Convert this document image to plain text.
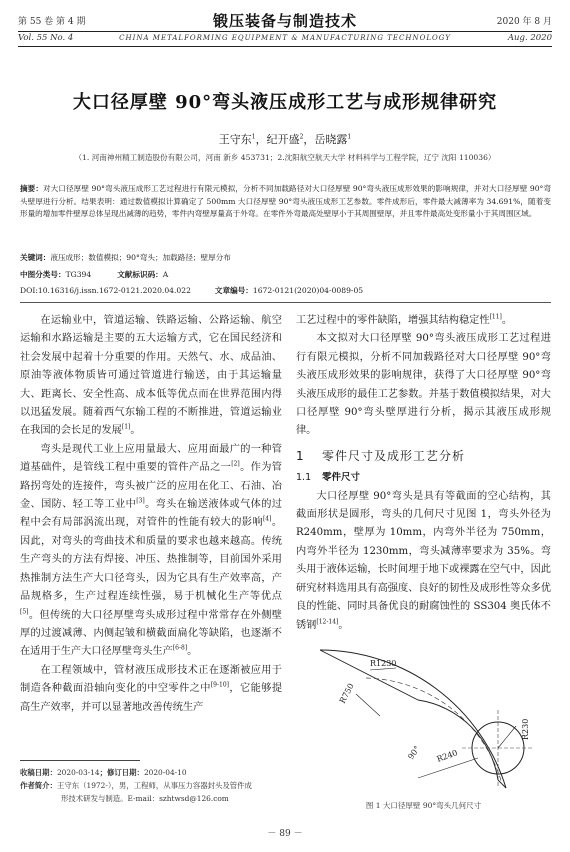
第 55 卷 第 4 期	锻压装备与制造技术	2020 年 8 月
Vol. 55 No. 4	CHINA METALFORMING EQUIPMENT & MANUFACTURING TECHNOLOGY	Aug. 2020
大口径厚壁 90°弯头液压成形工艺与成形规律研究
王守东$^1$，纪开盛$^2$，岳晓露$^1$
（1. 河南神州精工制造股份有限公司，河南 新乡 453731；2.沈阳航空航天大学 材料科学与工程学院，辽宁 沈阳 110036）
摘要：对大口径厚壁 90°弯头液压成形工艺过程进行有限元模拟，分析不同加载路径对大口径厚壁 90°弯头液压成形效果的影响规律，并对大口径厚壁 90°弯头壁厚进行分析。结果表明：通过数值模拟计算确定了 500mm 大口径厚壁 90°弯头液压成形工艺参数。零件成形后，零件最大减薄率为 34.691%，随着变形量的增加零件壁厚总体呈现出减薄的趋势，零件内弯壁厚量高于外弯。在零件外弯最高处壁厚小于其周围壁厚，并且零件最高处变形量小于其周围区域。
关键词：液压成形；数值模拟；90°弯头；加载路径；壁厚分布
中图分类号：TG394	文献标识码：A
DOI:10.16316/j.issn.1672-0121.2020.04.022	文章编号：1672-0121(2020)04-0089-05

在运输业中，管道运输、铁路运输、公路运输、航空运输和水路运输是主要的五大运输方式，它在国民经济和社会发展中起着十分重要的作用。天然气、水、成品油、原油等液体物质皆可通过管道进行输送，由于其运输量大、距离长、安全性高、成本低等优点而在世界范围内得以迅猛发展。随着西气东输工程的不断推进，管道运输业在我国的会长足的发展[1]。

弯头是现代工业上应用量最大、应用面最广的一种管道基础件，是管线工程中重要的管件产品之一[2]。作为管路拐弯处的连接件，弯头被广泛的应用在化工、石油、冶金、国防、轻工等工业中[3]。弯头在输送液体或气体的过程中会有局部涡流出现，对管件的性能有较大的影响[4]。因此，对弯头的弯曲技术和质量的要求也越来越高。传统生产弯头的方法有焊接、冲压、热推制等，目前国外采用热推制方法生产大口径弯头，因为它具有生产效率高，产品规格多，生产过程连续性强，易于机械化生产等优点[5]。但传统的大口径厚壁弯头成形过程中常常存在外侧壁厚的过渡减薄、内侧起皱和横截面扁化等缺陷，也逐渐不在适用于生产大口径厚壁弯头生产[6-8]。

在工程领域中，管材液压成形技术正在逐渐被应用于制造各种截面沿轴向变化的中空零件之中[9-10]，它能够提高生产效率，并可以显著地改善传统生产

工艺过程中的零件缺陷，增强其结构稳定性[11]。

本文拟对大口径厚壁 90°弯头液压成形工艺过程进行有限元模拟，分析不同加载路径对大口径厚壁 90°弯头液压成形效果的影响规律，获得了大口径厚壁 90°弯头液压成形的最佳工艺参数。并基于数值模拟结果，对大口径厚壁 90°弯头壁厚进行分析，揭示其液压成形规律。

1 零件尺寸及成形工艺分析
1.1 零件尺寸

大口径厚壁 90°弯头是具有等截面的空心结构，其截面形状是圆形，弯头的几何尺寸见图 1，弯头外径为 R240mm，壁厚为 10mm，内弯外半径为 750mm，内弯外半径为 1230mm，弯头减薄率要求为 35%。弯头用于液体运输，长时间埋于地下或裸露在空气中，因此研究材料选用具有高强度、良好的韧性及成形性等众多优良的性能、同时具备优良的耐腐蚀性的 SS304 奥氏体不锈钢[12-14]。

R1230
R750
R230
R240
90°
图 1 大口径厚壁 90°弯头几何尺寸
收稿日期：2020-03-14；修订日期：2020-04-10
作者简介：王守东（1972-），男，工程师，从事压力容器封头及管件成
形技术研发与制造。E-mail：szhtwsd@126.com
－ 89 －
